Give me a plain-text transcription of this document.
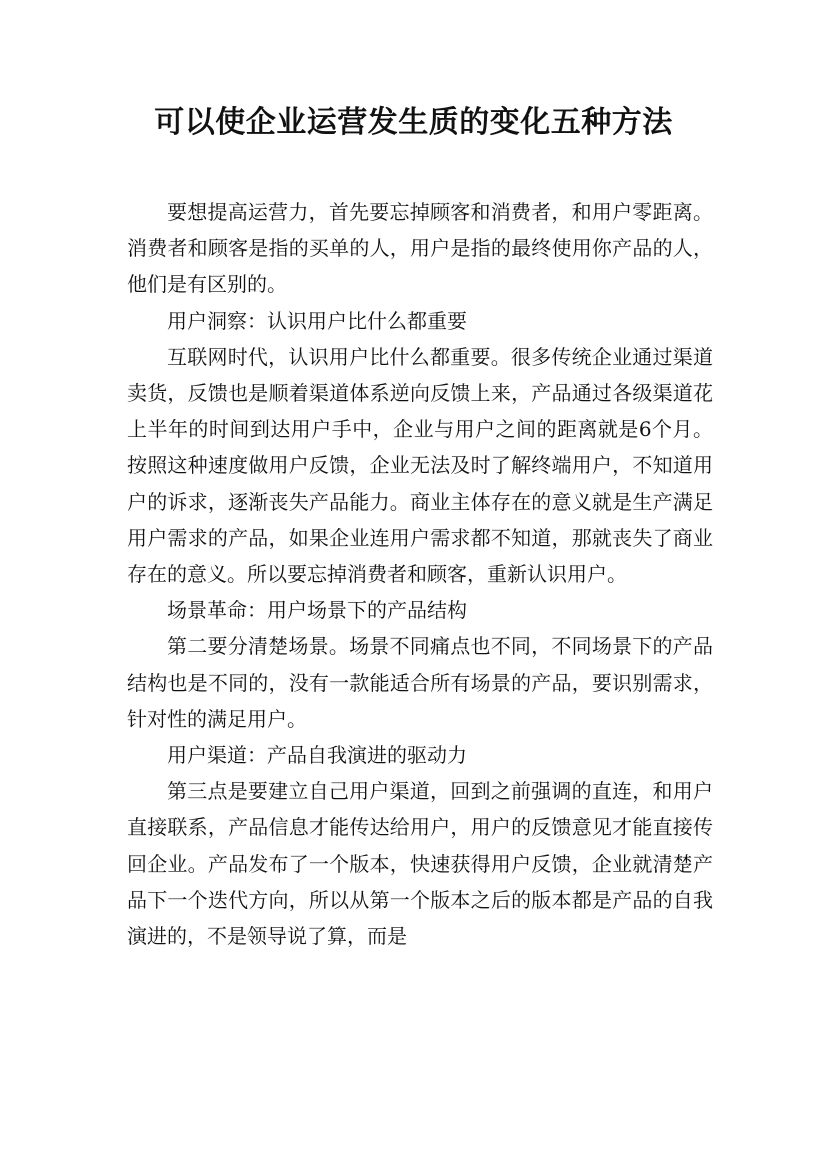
可以使企业运营发生质的变化五种方法

要想提高运营力，首先要忘掉顾客和消费者，和用户零距离。消费者和顾客是指的买单的人，用户是指的最终使用你产品的人，他们是有区别的。

用户洞察：认识用户比什么都重要

互联网时代，认识用户比什么都重要。很多传统企业通过渠道卖货，反馈也是顺着渠道体系逆向反馈上来，产品通过各级渠道花上半年的时间到达用户手中，企业与用户之间的距离就是6个月。按照这种速度做用户反馈，企业无法及时了解终端用户，不知道用户的诉求，逐渐丧失产品能力。商业主体存在的意义就是生产满足用户需求的产品，如果企业连用户需求都不知道，那就丧失了商业存在的意义。所以要忘掉消费者和顾客，重新认识用户。

场景革命：用户场景下的产品结构

第二要分清楚场景。场景不同痛点也不同，不同场景下的产品结构也是不同的，没有一款能适合所有场景的产品，要识别需求，针对性的满足用户。

用户渠道：产品自我演进的驱动力

第三点是要建立自己用户渠道，回到之前强调的直连，和用户直接联系，产品信息才能传达给用户，用户的反馈意见才能直接传回企业。产品发布了一个版本，快速获得用户反馈，企业就清楚产品下一个迭代方向，所以从第一个版本之后的版本都是产品的自我演进的，不是领导说了算，而是
